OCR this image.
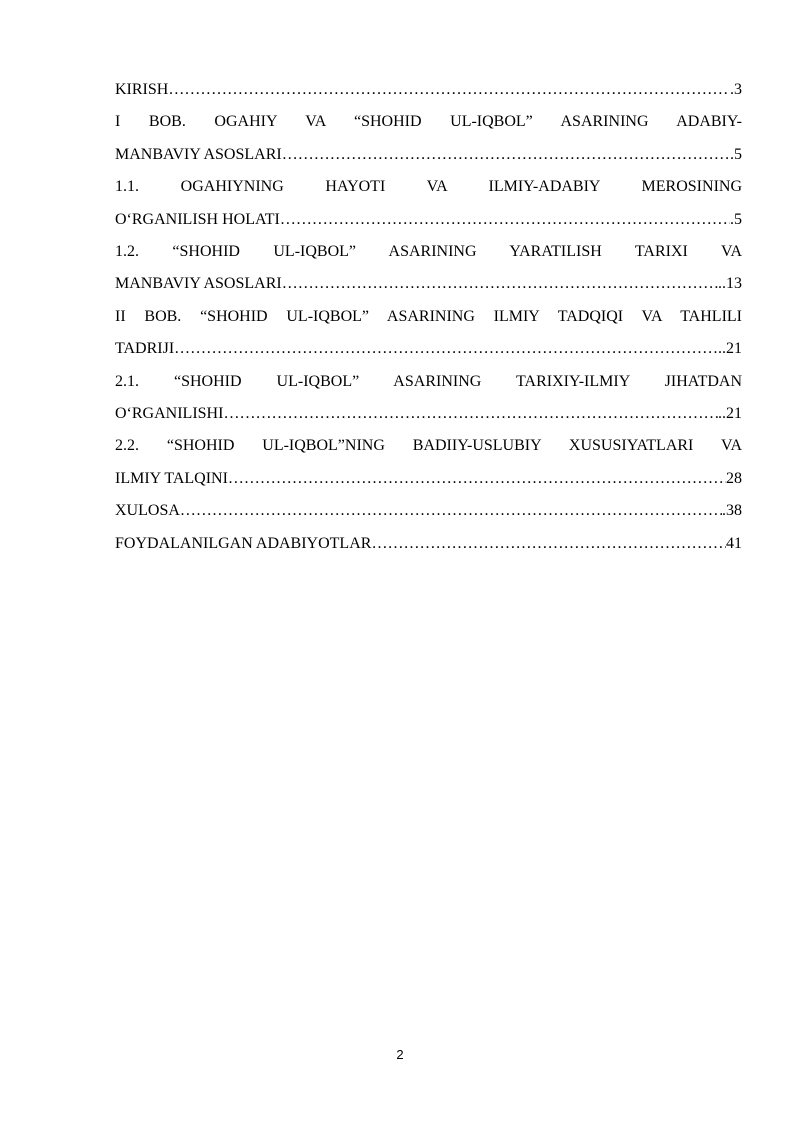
KIRISH …………………………………………………………………………………………………………………………………………………………………………………………	.3
I BOB. OGAHIY VA “SHOHID UL-IQBOL” ASARINING ADABIY-
MANBAVIY ASOSLARI …………………………………………………………………………………………………………………………………………………………………………………………	.5
1.1. OGAHIYNING HAYOTI VA ILMIY-ADABIY MEROSINING
O‘RGANILISH HOLATI …………………………………………………………………………………………………………………………………………………………………………………………	.5
1.2. “SHOHID UL-IQBOL” ASARINING YARATILISH TARIXI VA
MANBAVIY ASOSLARI …………………………………………………………………………………………………………………………………………………………………………………………	..13
II BOB. “SHOHID UL-IQBOL” ASARINING ILMIY TADQIQI VA TAHLILI
TADRIJI …………………………………………………………………………………………………………………………………………………………………………………………	..21
2.1. “SHOHID UL-IQBOL” ASARINING TARIXIY-ILMIY JIHATDAN
O‘RGANILISHI …………………………………………………………………………………………………………………………………………………………………………………………	..21
2.2. “SHOHID UL-IQBOL”NING BADIIY-USLUBIY XUSUSIYATLARI VA
ILMIY TALQINI …………………………………………………………………………………………………………………………………………………………………………………………	28
XULOSA …………………………………………………………………………………………………………………………………………………………………………………………	.38
FOYDALANILGAN ADABIYOTLAR …………………………………………………………………………………………………………………………………………………………………………………………	41
2
